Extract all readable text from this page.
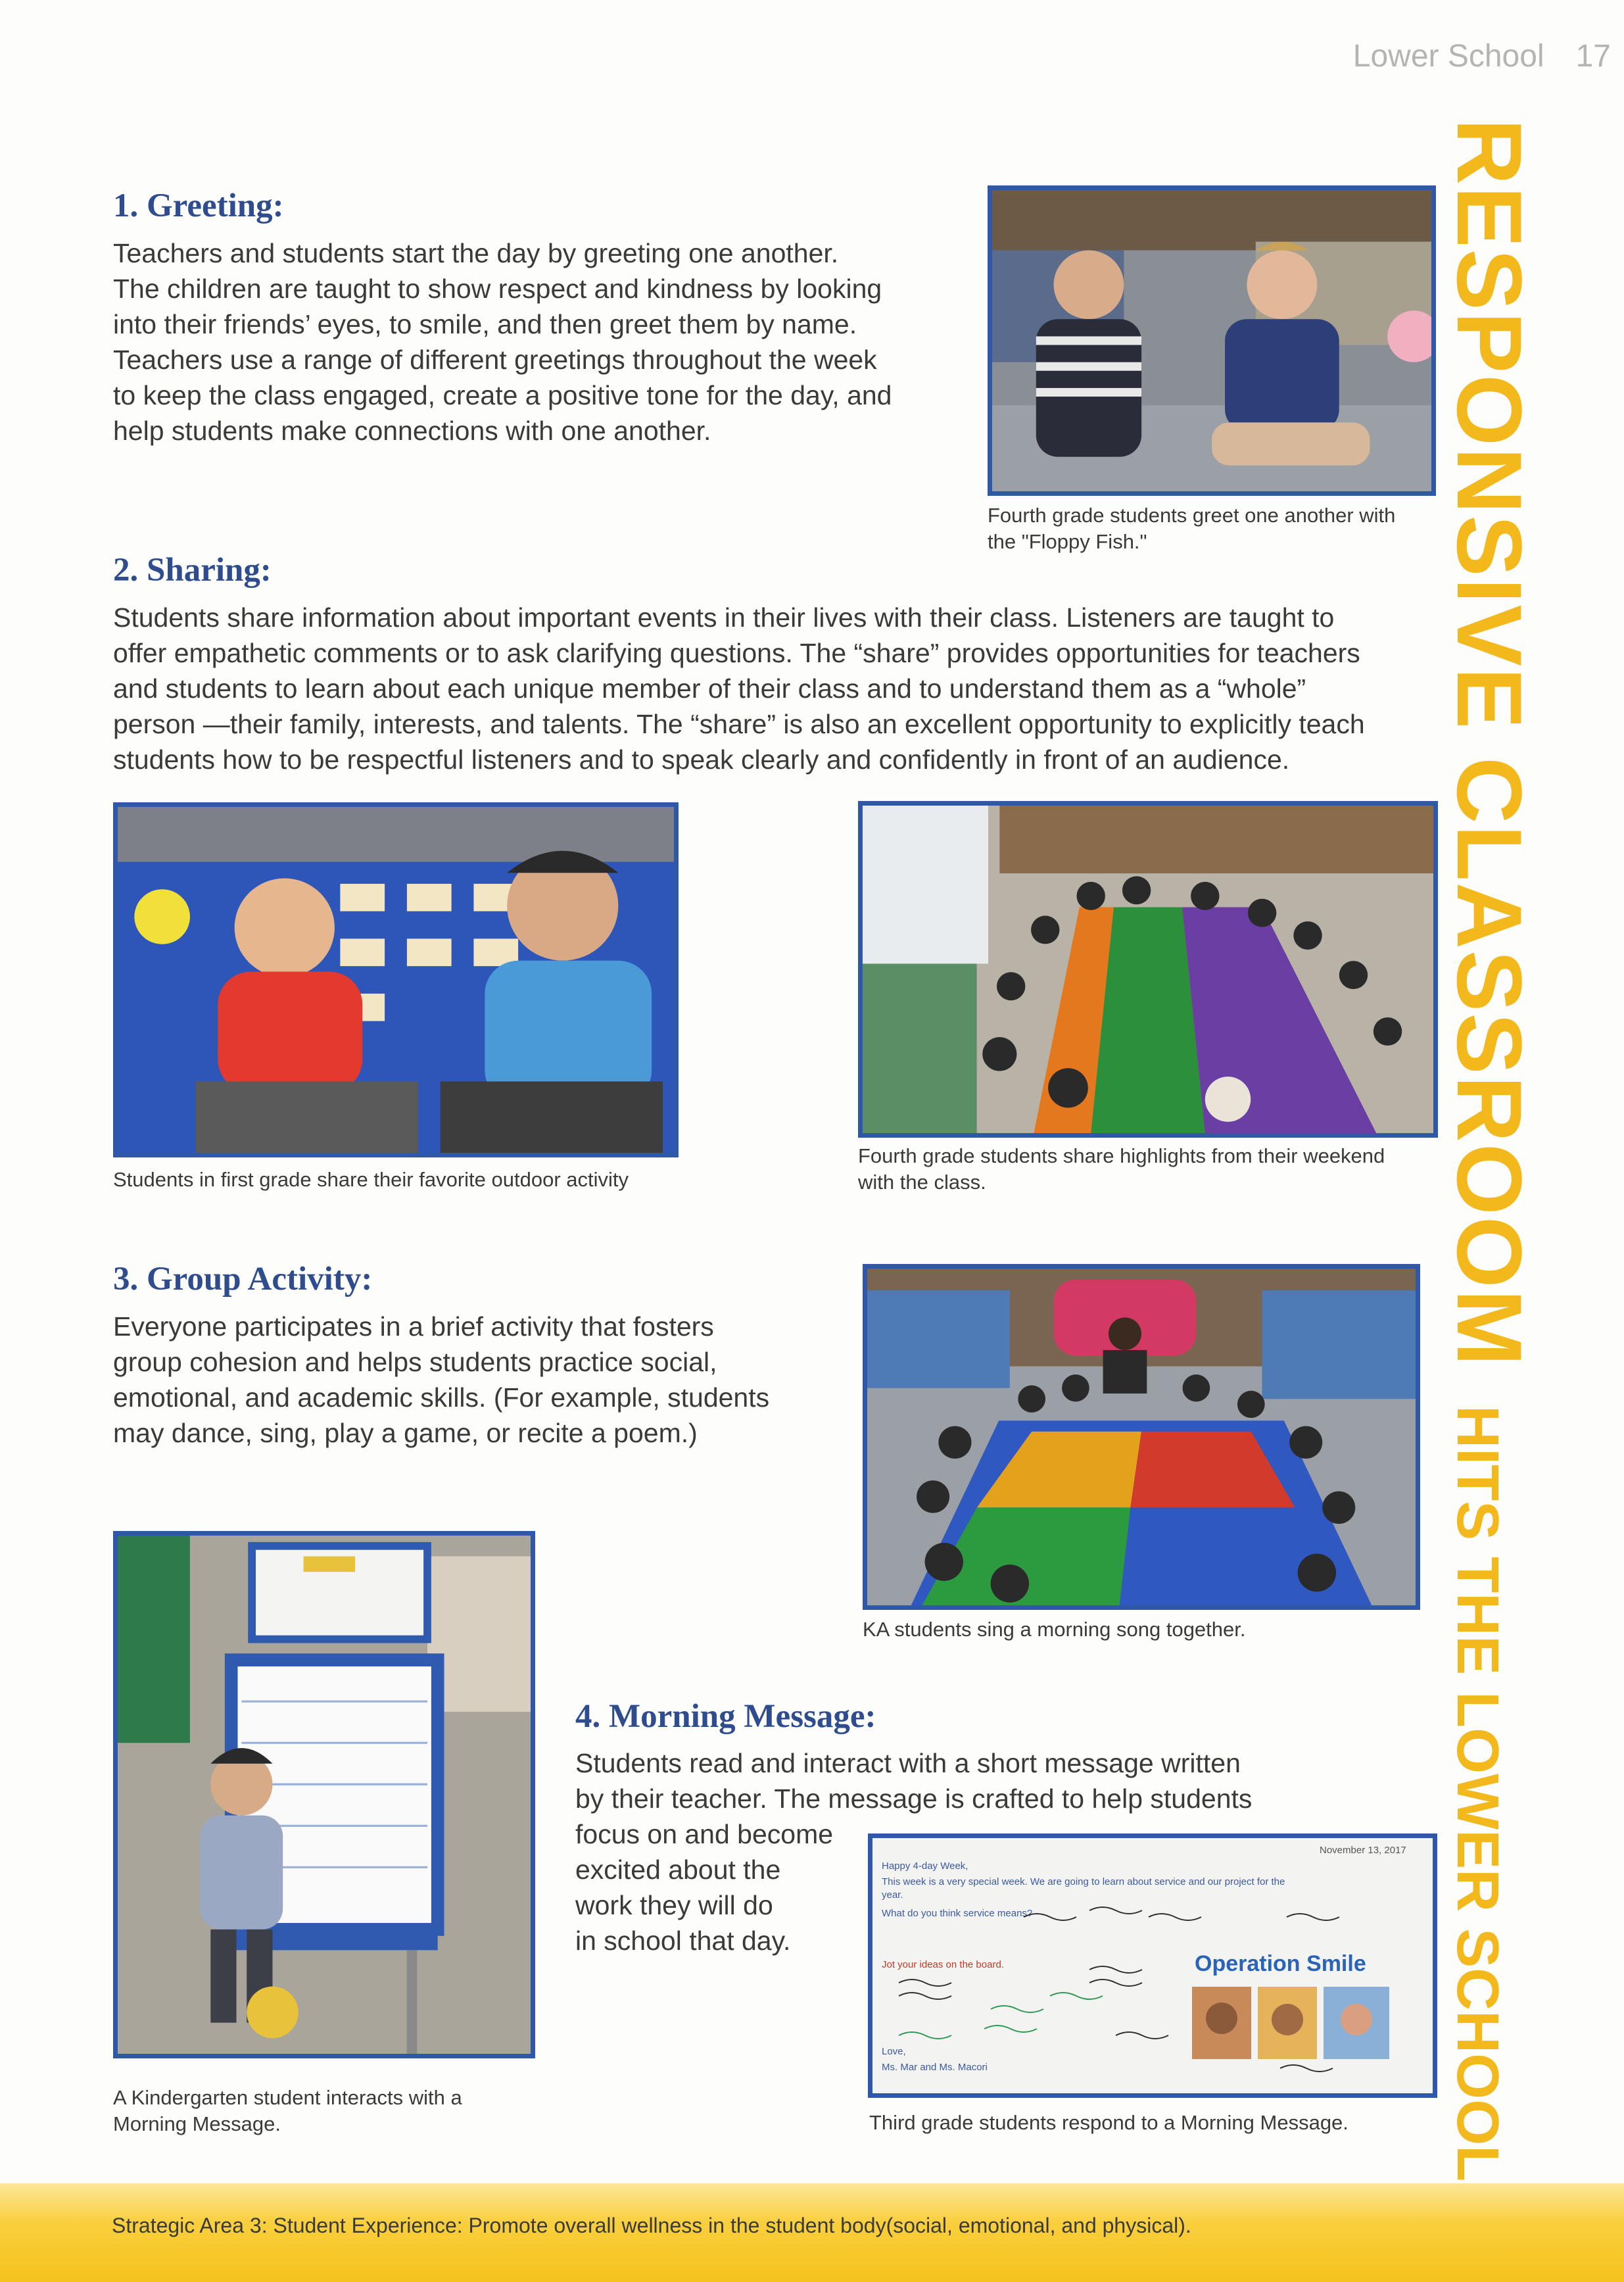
Lower School 17
RESPONSIVE CLASSROOMHITS THE LOWER SCHOOL
1. Greeting:

Teachers and students start the day by greeting one another.

The children are taught to show respect and kindness by looking

into their friends’ eyes, to smile, and then greet them by name.

Teachers use a range of different greetings throughout the week

to keep the class engaged, create a positive tone for the day, and

help students make connections with one another.

Fourth grade students greet one another with

the "Floppy Fish."

2. Sharing:

Students share information about important events in their lives with their class. Listeners are taught to

offer empathetic comments or to ask clarifying questions. The “share” provides opportunities for teachers

and students to learn about each unique member of their class and to understand them as a “whole”

person —their family, interests, and talents. The “share” is also an excellent opportunity to explicitly teach

students how to be respectful listeners and to speak clearly and confidently in front of an audience.

Students in first grade share their favorite outdoor activity

Fourth grade students share highlights from their weekend

with the class.

3. Group Activity:

Everyone participates in a brief activity that fosters

group cohesion and helps students practice social,

emotional, and academic skills. (For example, students

may dance, sing, play a game, or recite a poem.)

KA students sing a morning song together.

A Kindergarten student interacts with a

Morning Message.

4. Morning Message:

Students read and interact with a short message written

by their teacher. The message is crafted to help students

focus on and become

excited about the

work they will do

in school that day.

November 13, 2017
Happy 4-day Week,
This week is a very special week. We are going to learn about service and our project for the
year.
What do you think service means?
Jot your ideas on the board.	Operation Smile
Love,
Ms. Mar and Ms. Macori

Third grade students respond to a Morning Message.

Strategic Area 3: Student Experience: Promote overall wellness in the student body(social, emotional, and physical).
